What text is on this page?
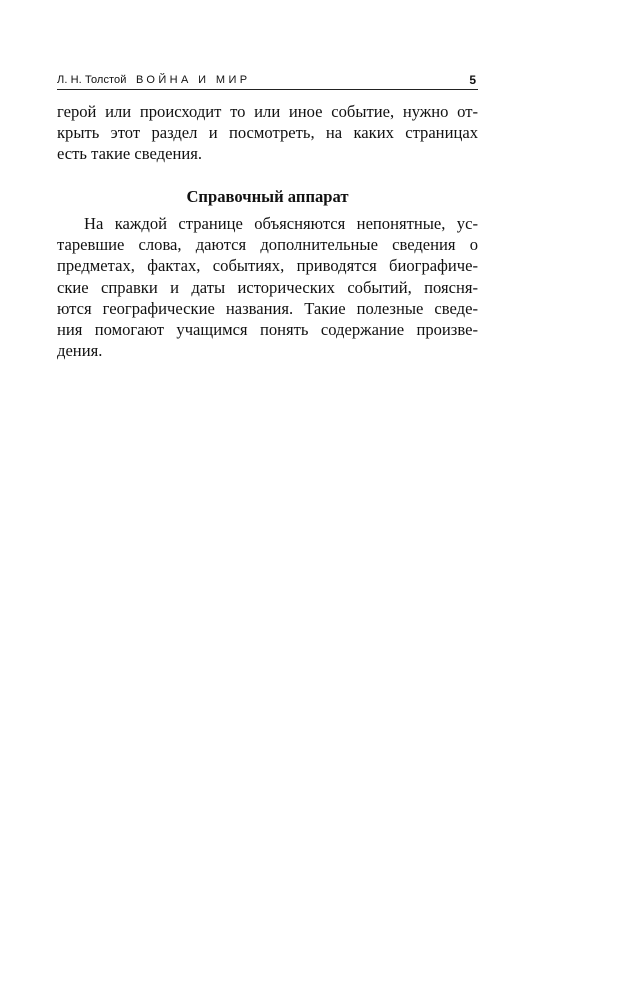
Л. Н. Толстой ВОЙНА И МИР	5
герой или происходит то или иное событие, нужно от-
крыть этот раздел и посмотреть, на каких страницах
есть такие сведения.
Справочный аппарат
На каждой странице объясняются непонятные, ус-
таревшие слова, даются дополнительные сведения о
предметах, фактах, событиях, приводятся биографиче-
ские справки и даты исторических событий, поясня-
ются географические названия. Такие полезные сведе-
ния помогают учащимся понять содержание произве-
дения.
